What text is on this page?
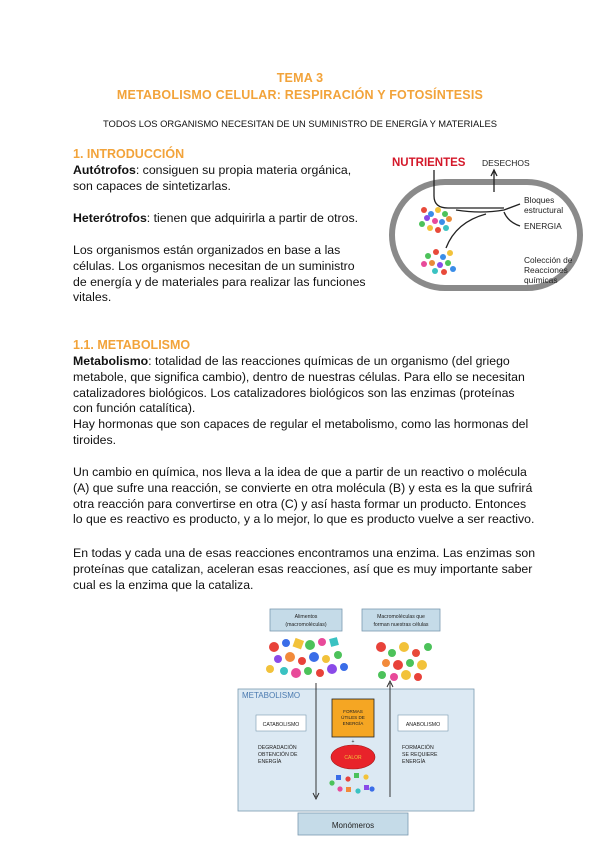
TEMA 3
METABOLISMO CELULAR: RESPIRACIÓN Y FOTOSÍNTESIS
TODOS LOS ORGANISMO NECESITAN DE UN SUMINISTRO DE ENERGÍA Y MATERIALES
1. INTRODUCCIÓN
Autótrofos: consiguen su propia materia orgánica,
son capaces de sintetizarlas.
Heterótrofos: tienen que adquirirla a partir de otros.
Los organismos están organizados en base a las
células. Los organismos necesitan de un suministro
de energía y de materiales para realizar las funciones
vitales.
NUTRIENTES DESECHOS
Bloques
estructural
ENERGIA
Colección de
Reacciones
químicas
1.1. METABOLISMO
Metabolismo: totalidad de las reacciones químicas de un organismo (del griego
metabole, que significa cambio), dentro de nuestras células. Para ello se necesitan
catalizadores biológicos. Los catalizadores biológicos son las enzimas (proteínas
con función catalítica).
Hay hormonas que son capaces de regular el metabolismo, como las hormonas del
tiroides.
Un cambio en química, nos lleva a la idea de que a partir de un reactivo o molécula
(A) que sufre una reacción, se convierte en otra molécula (B) y esta es la que sufrirá
otra reacción para convertirse en otra (C) y así hasta formar un producto. Entonces
lo que es reactivo es producto, y a lo mejor, lo que es producto vuelve a ser reactivo.
En todas y cada una de esas reacciones encontramos una enzima. Las enzimas son
proteínas que catalizan, aceleran esas reacciones, así que es muy importante saber
cual es la enzima que la cataliza.
Alimentos
(macromoléculas)
Macromoléculas que
forman nuestras células
METABOLISMO
CATABOLISMO	ANABOLISMO
FORMAS
ÚTILES DE
ENERGÍA
+
CALOR
DEGRADACIÓN
OBTENCIÓN DE
ENERGÍA
FORMACIÓN
SE REQUIERE
ENERGÍA
Monómeros
